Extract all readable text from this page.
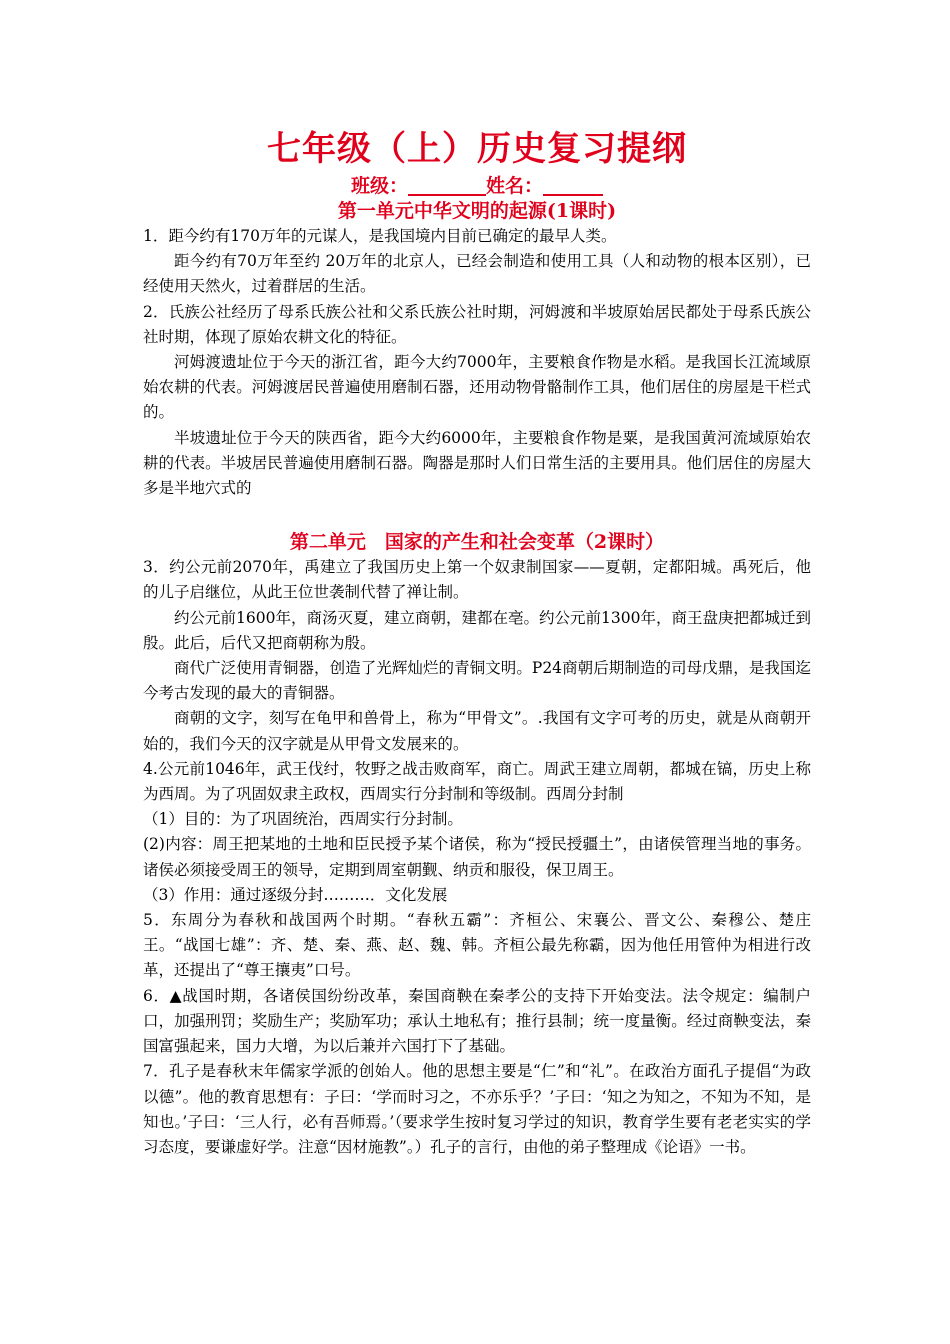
七年级（上）历史复习提纲
班级：	姓名：
第一单元中华文明的起源(1课时)

1．距今约有170万年的元谋人，是我国境内目前已确定的最早人类。

距今约有70万年至约 20万年的北京人，已经会制造和使用工具（人和动物的根本区别），已经使用天然火，过着群居的生活。

2．氏族公社经历了母系氏族公社和父系氏族公社时期，河姆渡和半坡原始居民都处于母系氏族公社时期，体现了原始农耕文化的特征。

河姆渡遗址位于今天的浙江省，距今大约7000年，主要粮食作物是水稻。是我国长江流域原始农耕的代表。河姆渡居民普遍使用磨制石器，还用动物骨骼制作工具，他们居住的房屋是干栏式的。

半坡遗址位于今天的陕西省，距今大约6000年，主要粮食作物是粟，是我国黄河流域原始农耕的代表。半坡居民普遍使用磨制石器。陶器是那时人们日常生活的主要用具。他们居住的房屋大多是半地穴式的

第二单元　国家的产生和社会变革（2课时）

3．约公元前2070年，禹建立了我国历史上第一个奴隶制国家——夏朝，定都阳城。禹死后，他的儿子启继位，从此王位世袭制代替了禅让制。

约公元前1600年，商汤灭夏，建立商朝，建都在亳。约公元前1300年，商王盘庚把都城迁到殷。此后，后代又把商朝称为殷。

商代广泛使用青铜器，创造了光辉灿烂的青铜文明。P24商朝后期制造的司母戊鼎，是我国迄今考古发现的最大的青铜器。

商朝的文字，刻写在龟甲和兽骨上，称为“甲骨文”。.我国有文字可考的历史，就是从商朝开始的，我们今天的汉字就是从甲骨文发展来的。

4.公元前1046年，武王伐纣，牧野之战击败商军，商亡。周武王建立周朝，都城在镐，历史上称为西周。为了巩固奴隶主政权，西周实行分封制和等级制。西周分封制

（1）目的：为了巩固统治，西周实行分封制。

(2)内容：周王把某地的土地和臣民授予某个诸侯，称为“授民授疆土”，由诸侯管理当地的事务。诸侯必须接受周王的领导，定期到周室朝觐、纳贡和服役，保卫周王。

（3）作用：通过逐级分封………．文化发展

5．东周分为春秋和战国两个时期。“春秋五霸”：齐桓公、宋襄公、晋文公、秦穆公、楚庄王。“战国七雄”：齐、楚、秦、燕、赵、魏、韩。齐桓公最先称霸，因为他任用管仲为相进行改革，还提出了“尊王攘夷”口号。

6．▲战国时期，各诸侯国纷纷改革，秦国商鞅在秦孝公的支持下开始变法。法令规定：编制户口，加强刑罚；奖励生产；奖励军功；承认土地私有；推行县制；统一度量衡。经过商鞅变法，秦国富强起来，国力大增，为以后兼并六国打下了基础。

7．孔子是春秋末年儒家学派的创始人。他的思想主要是“仁”和“礼”。在政治方面孔子提倡“为政以德”。他的教育思想有：子曰：‘学而时习之，不亦乐乎？’子曰：‘知之为知之，不知为不知，是知也。’子曰：‘三人行，必有吾师焉。’（要求学生按时复习学过的知识，教育学生要有老老实实的学习态度，要谦虚好学。注意“因材施教”。）孔子的言行，由他的弟子整理成《论语》一书。
